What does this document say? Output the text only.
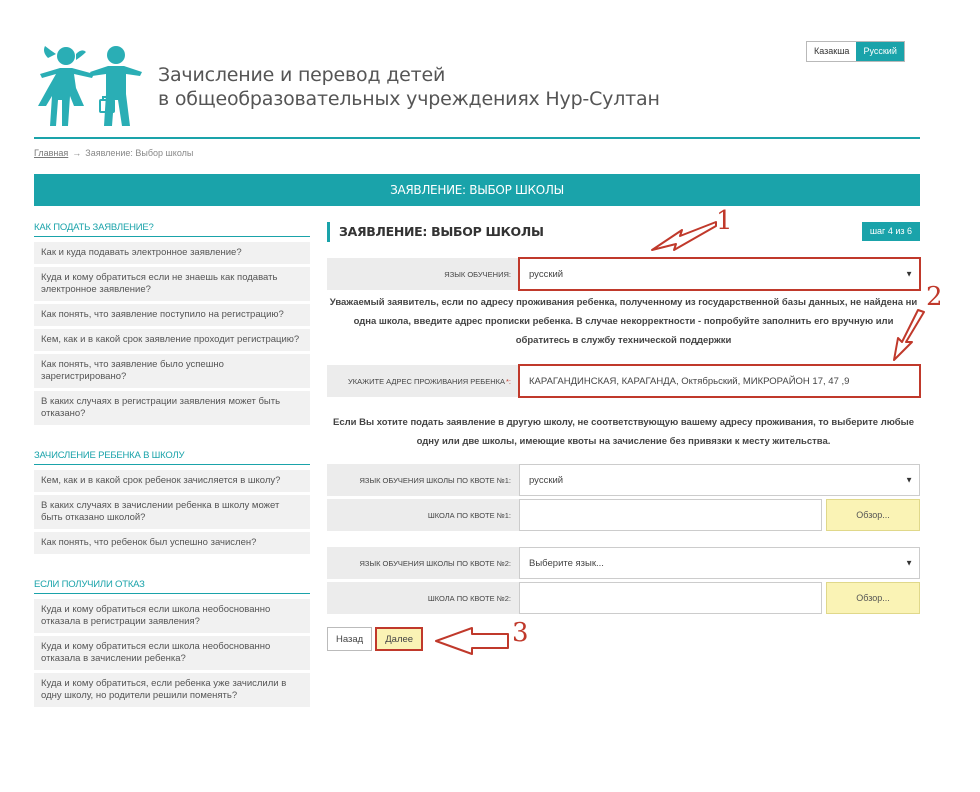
Зачисление и перевод детей
в общеобразовательных учреждениях Нур-Султан
Казакша	Русский
Главная → Заявление: Выбор школы
ЗАЯВЛЕНИЕ: ВЫБОР ШКОЛЫ
КАК ПОДАТЬ ЗАЯВЛЕНИЕ?
Как и куда подавать электронное заявление?
Куда и кому обратиться если не знаешь как подавать электронное заявление?
Как понять, что заявление поступило на регистрацию?
Кем, как и в какой срок заявление проходит регистрацию?
Как понять, что заявление было успешно зарегистрировано?
В каких случаях в регистрации заявления может быть отказано?
ЗАЧИСЛЕНИЕ РЕБЕНКА В ШКОЛУ
Кем, как и в какой срок ребенок зачисляется в школу?
В каких случаях в зачислении ребенка в школу может быть отказано школой?
Как понять, что ребенок был успешно зачислен?
ЕСЛИ ПОЛУЧИЛИ ОТКАЗ
Куда и кому обратиться если школа необоснованно отказала в регистрации заявления?
Куда и кому обратиться если школа необоснованно отказала в зачислении ребенка?
Куда и кому обратиться, если ребенка уже зачислили в одну школу, но родители решили поменять?
ЗАЯВЛЕНИЕ: ВЫБОР ШКОЛЫ	шаг 4 из 6
ЯЗЫК ОБУЧЕНИЯ:	русский	▼
Уважаемый заявитель, если по адресу проживания ребенка, полученному из государственной базы данных, не найдена ни одна школа, введите адрес прописки ребенка. В случае некорректности - попробуйте заполнить его вручную или обратитесь в службу технической поддержки
УКАЖИТЕ АДРЕС ПРОЖИВАНИЯ РЕБЕНКА *:	КАРАГАНДИНСКАЯ, КАРАГАНДА, Октябрьский, МИКРОРАЙОН 17, 47 ,9
Если Вы хотите подать заявление в другую школу, не соответствующую вашему адресу проживания, то выберите любые одну или две школы, имеющие квоты на зачисление без привязки к месту жительства.
ЯЗЫК ОБУЧЕНИЯ ШКОЛЫ ПО КВОТЕ №1:	русский	▼
ШКОЛА ПО КВОТЕ №1:	Обзор...
ЯЗЫК ОБУЧЕНИЯ ШКОЛЫ ПО КВОТЕ №2:	Выберите язык...	▼
ШКОЛА ПО КВОТЕ №2:	Обзор...
Назад	Далее
1
2
3
